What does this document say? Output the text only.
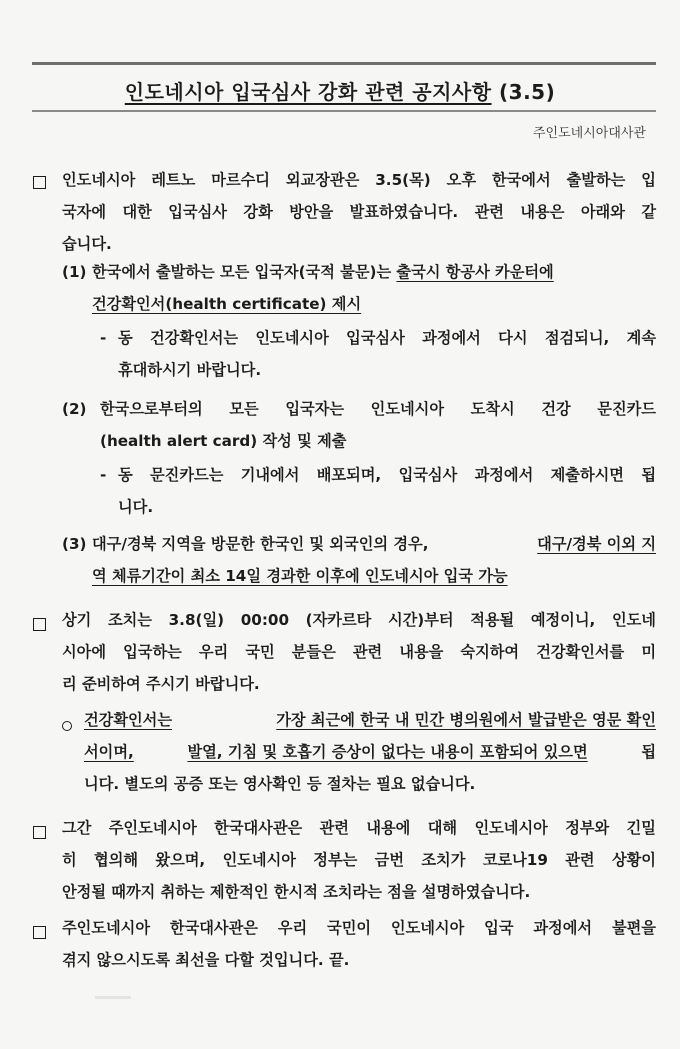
인도네시아 입국심사 강화 관련 공지사항 (3.5)
주인도네시아대사관
인도네시아 레트노 마르수디 외교장관은 3.5(목) 오후 한국에서 출발하는 입
국자에 대한 입국심사 강화 방안을 발표하였습니다. 관련 내용은 아래와 같
습니다.
(1) 한국에서 출발하는 모든 입국자(국적 불문)는
출국시 항공사 카운터에
건강확인서(health certificate) 제시
- 동 건강확인서는 인도네시아 입국심사 과정에서 다시 점검되니, 계속
휴대하시기 바랍니다.
(2) 한국으로부터의 모든 입국자는 인도네시아 도착시 건강 문진카드
(health alert card) 작성 및 제출
- 동 문진카드는 기내에서 배포되며, 입국심사 과정에서 제출하시면 됩
니다.
(3) 대구/경북 지역을 방문한 한국인 및 외국인의 경우,	대구/경북 이외 지
역 체류기간이 최소 14일 경과한 이후에 인도네시아 입국 가능
상기 조치는 3.8(일) 00:00 (자카르타 시간)부터 적용될 예정이니, 인도네
시아에 입국하는 우리 국민 분들은 관련 내용을 숙지하여 건강확인서를 미
리 준비하여 주시기 바랍니다.
건강확인서는	가장 최근에 한국 내 민간 병의원에서 발급받은 영문 확인
서이며,	발열, 기침 및 호흡기 증상이 없다는 내용이 포함되어 있으면	됩
니다. 별도의 공증 또는 영사확인 등 절차는 필요 없습니다.
그간 주인도네시아 한국대사관은 관련 내용에 대해 인도네시아 정부와 긴밀
히 협의해 왔으며, 인도네시아 정부는 금번 조치가 코로나19 관련 상황이
안정될 때까지 취하는 제한적인 한시적 조치라는 점을 설명하였습니다.
주인도네시아 한국대사관은 우리 국민이 인도네시아 입국 과정에서 불편을
겪지 않으시도록 최선을 다할 것입니다. 끝.
